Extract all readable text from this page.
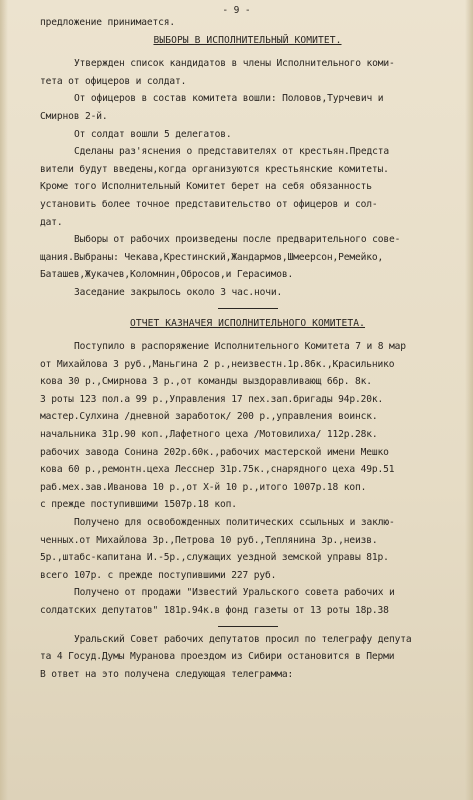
- 9 -
предложение принимается.
ВЫБОРЫ В ИСПОЛНИТЕЛЬНЫЙ КОМИТЕТ.
Утвержден список кандидатов в члены Исполнительного коми-
тета от офицеров и солдат.
От офицеров в состав комитета вошли: Половов,Турчевич и
Смирнов 2-й.
От солдат вошли 5 делегатов.
Сделаны раз'яснения о представителях от крестьян.Предста
вители будут введены,когда организуются крестьянские комитеты.
Кроме того Исполнительный Комитет берет на себя обязанность
установить более точное представительство от офицеров и сол-
дат.
Выборы от рабочих произведены после предварительного сове-
щания.Выбраны: Чекава,Крестинский,Жандармов,Шмеерсон,Ремейко,
Баташев,Жукачев,Коломнин,Обросов,и Герасимов.
Заседание закрылось около 3 час.ночи.
ОТЧЕТ КАЗНАЧЕЯ ИСПОЛНИТЕЛЬНОГО КОМИТЕТА.
Поступило в распоряжение Исполнительного Комитета 7 и 8 мар
от Михайлова 3 руб.,Маньгина 2 р.,неизвестн.1р.86к.,Красильнико
кова 30 р.,Смирнова 3 р.,от команды выздоравливающ 66р. 8к.
3 роты 123 пол.а 99 р.,Управления 17 пех.зап.бригады 94р.20к.
мастер.Сулхина /дневной заработок/ 200 р.,управления воинск.
начальника 31р.90 коп.,Лафетного цеха /Мотовилиха/ 112р.28к.
рабочих завода Сонина 202р.60к.,рабочих мастерской имени Мешко
кова 60 р.,ремонтн.цеха Лесснер 31р.75к.,снарядного цеха 49р.51
раб.мех.зав.Иванова 10 р.,от Х-й 10 р.,итого 1007р.18 коп.
с прежде поступившими 1507р.18 коп.
Получено для освобожденных политических ссыльных и заклю-
ченных.от Михайлова 3р.,Петрова 10 руб.,Теплянина 3р.,неизв.
5р.,штабс-капитана И.-5р.,служащих уездной земской управы 81р.
всего 107р. с прежде поступившими 227 руб.
Получено от продажи "Известий Уральского совета рабочих и
солдатских депутатов" 181р.94к.в фонд газеты от 13 роты 18р.38
Уральский Совет рабочих депутатов просил по телеграфу депута
та 4 Госуд.Думы Муранова проездом из Сибири остановится в Перми
В ответ на это получена следующая телеграмма:
